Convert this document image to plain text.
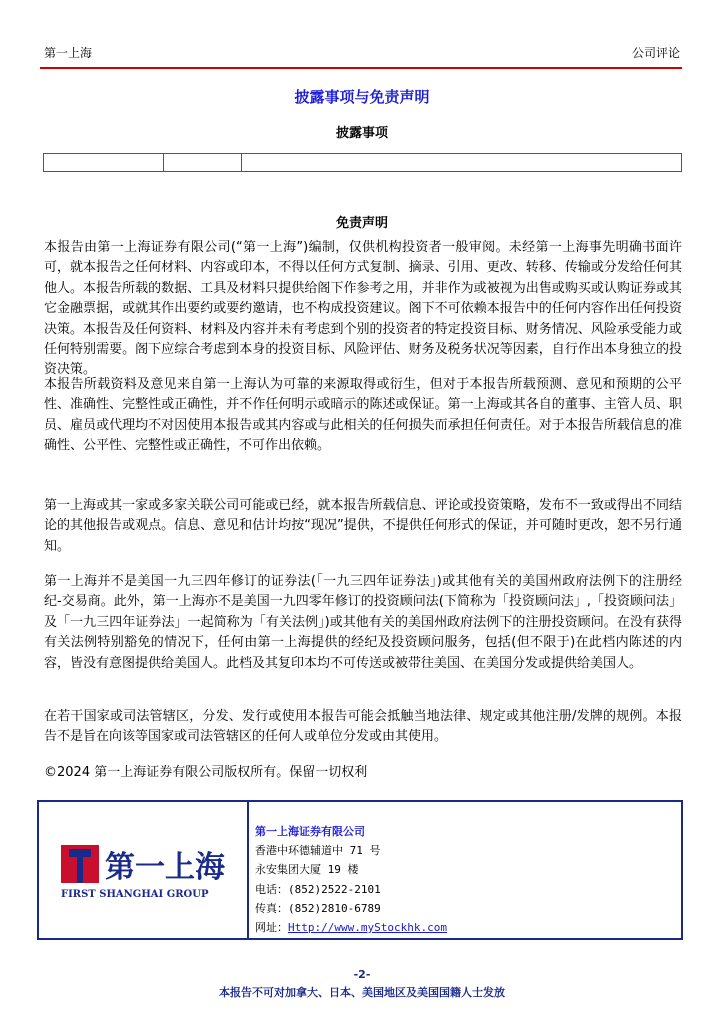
第一上海	公司评论
披露事项与免责声明
披露事项

免责声明
本报告由第一上海证券有限公司(“第一上海”)编制，仅供机构投资者一般审阅。未经第一上海事先明确书面许可，就本报告之任何材料、内容或印本，不得以任何方式复制、摘录、引用、更改、转移、传输或分发给任何其他人。本报告所载的数据、工具及材料只提供给阁下作参考之用，并非作为或被视为出售或购买或认购证券或其它金融票据，或就其作出要约或要约邀请，也不构成投资建议。阁下不可依赖本报告中的任何内容作出任何投资决策。本报告及任何资料、材料及内容并未有考虑到个别的投资者的特定投资目标、财务情况、风险承受能力或任何特别需要。阁下应综合考虑到本身的投资目标、风险评估、财务及税务状况等因素，自行作出本身独立的投资决策。
本报告所载资料及意见来自第一上海认为可靠的来源取得或衍生，但对于本报告所载预测、意见和预期的公平性、准确性、完整性或正确性，并不作任何明示或暗示的陈述或保证。第一上海或其各自的董事、主管人员、职员、雇员或代理均不对因使用本报告或其内容或与此相关的任何损失而承担任何责任。对于本报告所载信息的准确性、公平性、完整性或正确性，不可作出依赖。
第一上海或其一家或多家关联公司可能或已经，就本报告所载信息、评论或投资策略，发布不一致或得出不同结论的其他报告或观点。信息、意见和估计均按“现况”提供，不提供任何形式的保证，并可随时更改，恕不另行通知。
第一上海并不是美国一九三四年修订的证券法(「一九三四年证券法」)或其他有关的美国州政府法例下的注册经纪-交易商。此外，第一上海亦不是美国一九四零年修订的投资顾问法(下简称为「投资顾问法」,「投资顾问法」及「一九三四年证券法」一起简称为「有关法例」)或其他有关的美国州政府法例下的注册投资顾问。在没有获得有关法例特别豁免的情况下，任何由第一上海提供的经纪及投资顾问服务，包括(但不限于)在此档内陈述的内容，皆没有意图提供给美国人。此档及其复印本均不可传送或被带往美国、在美国分发或提供给美国人。
在若干国家或司法管辖区，分发、发行或使用本报告可能会抵触当地法律、规定或其他注册/发牌的规例。本报告不是旨在向该等国家或司法管辖区的任何人或单位分发或由其使用。
©2024 第一上海证券有限公司版权所有。保留一切权利
第一上海
FIRST SHANGHAI GROUP
第一上海证券有限公司
香港中环德辅道中 71 号
永安集团大厦 19 楼
电话：(852)2522-2101
传真：(852)2810-6789
网址：Http://www.myStockhk.com
-2-
本报告不可对加拿大、日本、美国地区及美国国籍人士发放
